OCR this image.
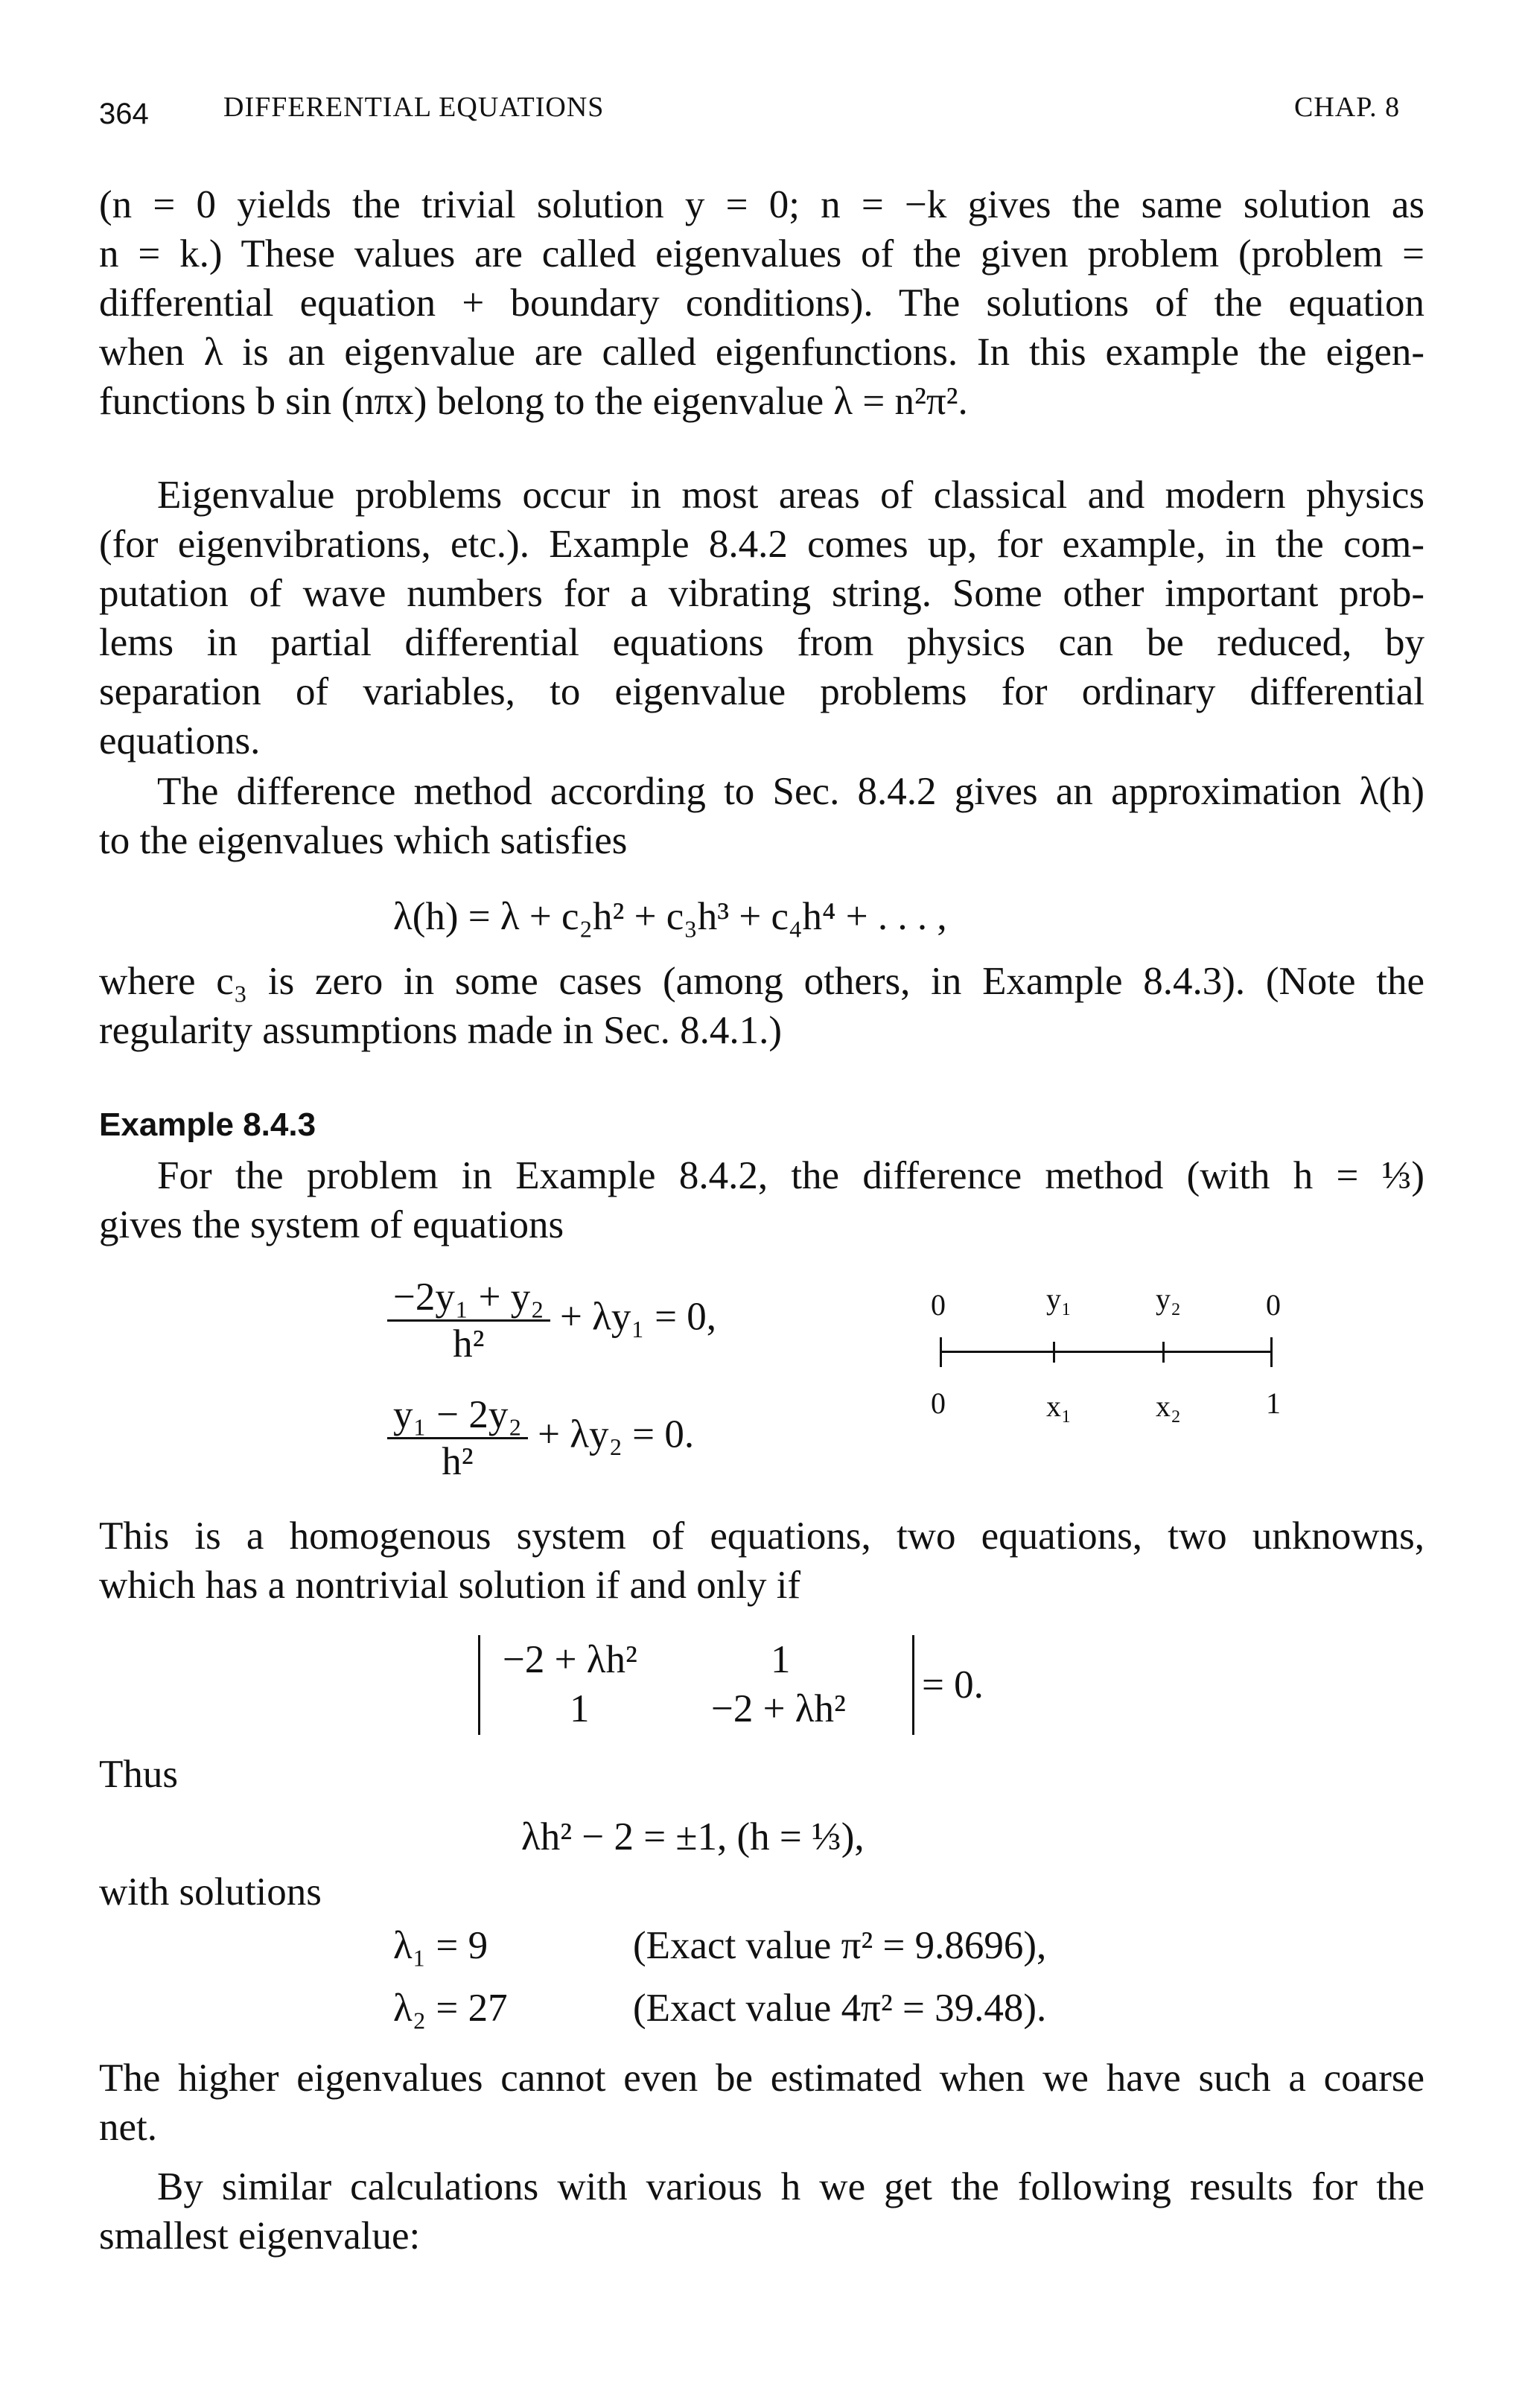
364	DIFFERENTIAL EQUATIONS	CHAP. 8
(n = 0 yields the trivial solution y = 0; n = −k gives the same solution as
n = k.) These values are called eigenvalues of the given problem (problem =
differential equation + boundary conditions). The solutions of the equation
when λ is an eigenvalue are called eigenfunctions. In this example the eigen-
functions b sin (nπx) belong to the eigenvalue λ = n²π².
Eigenvalue problems occur in most areas of classical and modern physics
(for eigenvibrations, etc.). Example 8.4.2 comes up, for example, in the com-
putation of wave numbers for a vibrating string. Some other important prob-
lems in partial differential equations from physics can be reduced, by
separation of variables, to eigenvalue problems for ordinary differential
equations.
The difference method according to Sec. 8.4.2 gives an approximation λ(h)
to the eigenvalues which satisfies
λ(h) = λ + c₂h² + c₃h³ + c₄h⁴ + . . . ,
where c₃ is zero in some cases (among others, in Example 8.4.3). (Note the
regularity assumptions made in Sec. 8.4.1.)
Example 8.4.3
For the problem in Example 8.4.2, the difference method (with h = ⅓)
gives the system of equations
$\frac{\text{−2y₁ + y₂}}{\text{h²}} + \lambda y_1 = 0$,
$\frac{\text{y₁ − 2y₂}}{\text{h²}} + \lambda y_2 = 0$.
0	y₁	y₂	0
0	x₁	x₂	1
This is a homogenous system of equations, two equations, two unknowns,
which has a nontrivial solution if and only if
−2 + λh²	1
1	−2 + λh²
= 0.
Thus
λh² − 2 = ±1, (h = ⅓),
with solutions
λ₁ = 9	(Exact value π² = 9.8696),
λ₂ = 27	(Exact value 4π² = 39.48).
The higher eigenvalues cannot even be estimated when we have such a coarse
net.
By similar calculations with various h we get the following results for the
smallest eigenvalue:
